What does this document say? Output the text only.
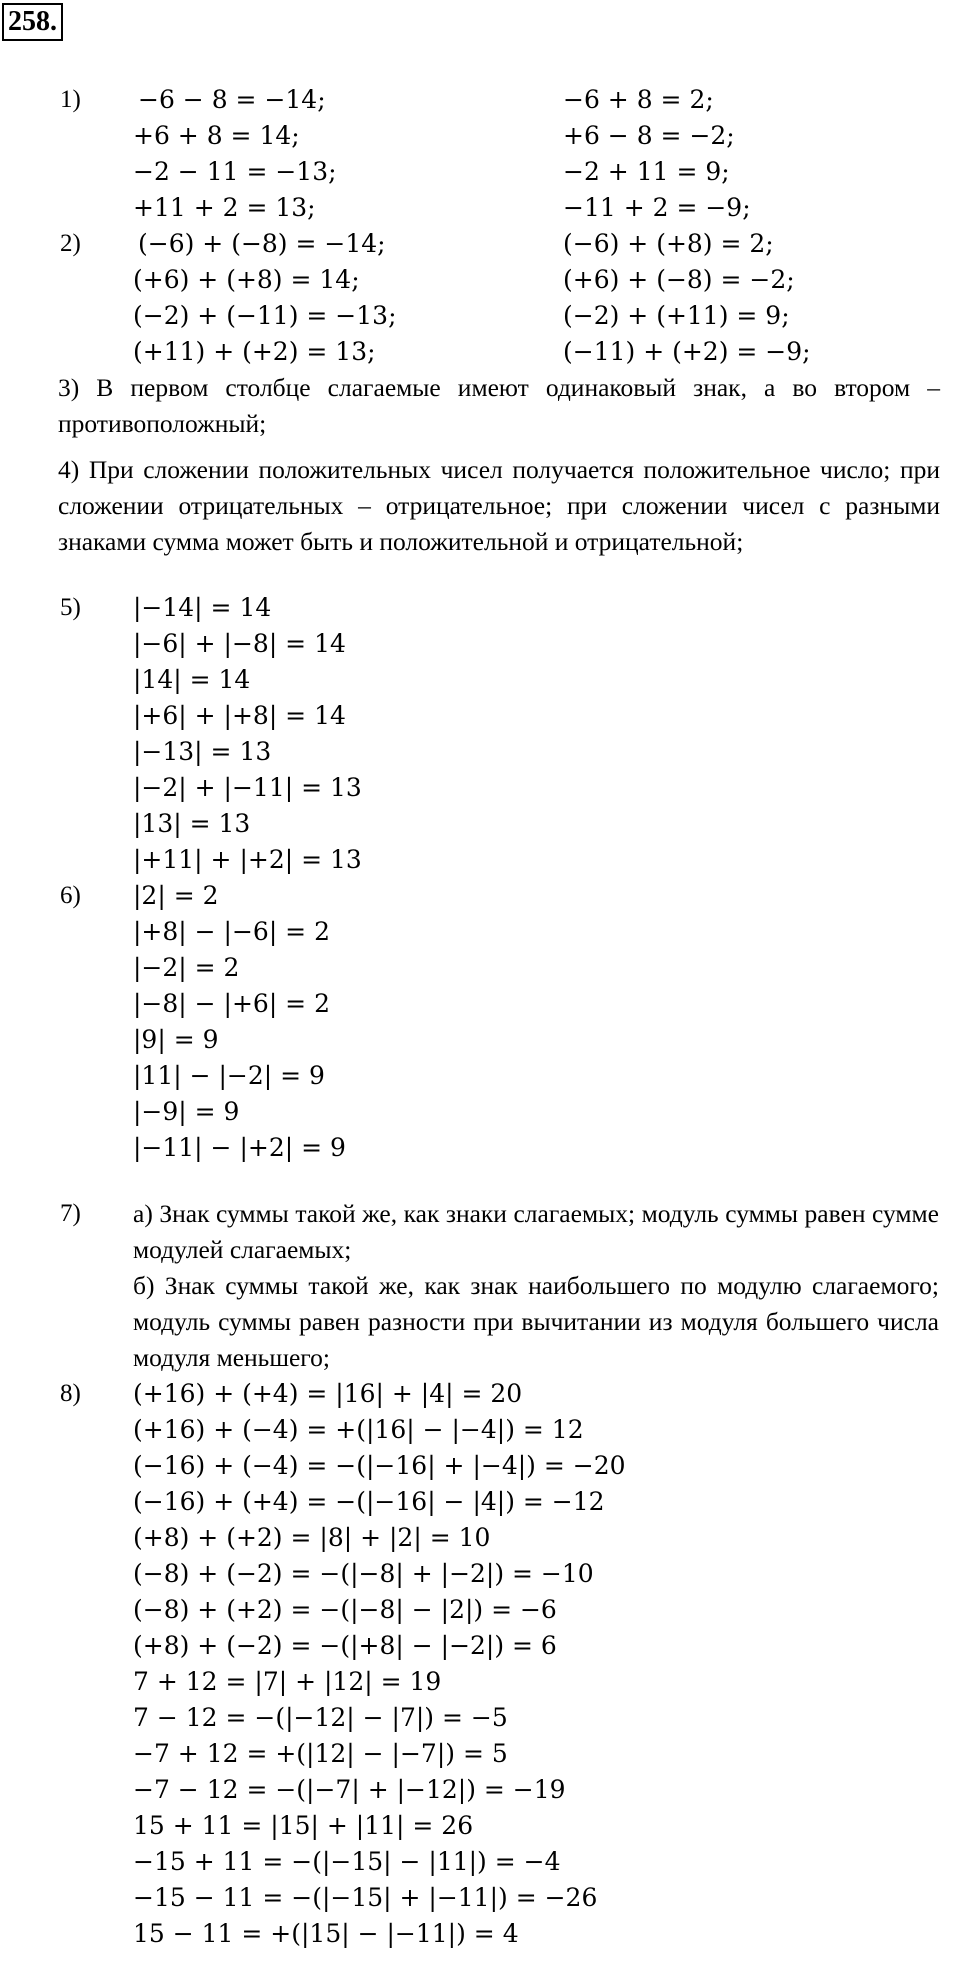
258.
1) −6 − 8 = −14;
+6 + 8 = 14;
−2 − 11 = −13;
+11 + 2 = 13;
−6 + 8 = 2;
+6 − 8 = −2;
−2 + 11 = 9;
−11 + 2 = −9;
2) (−6) + (−8) = −14;
(+6) + (+8) = 14;
(−2) + (−11) = −13;
(+11) + (+2) = 13;
(−6) + (+8) = 2;
(+6) + (−8) = −2;
(−2) + (+11) = 9;
(−11) + (+2) = −9;
3) В первом столбце слагаемые имеют одинаковый знак, а во втором – противоположный;
4) При сложении положительных чисел получается положительное число; при сложении отрицательных – отрицательное; при сложении чисел с разными знаками сумма может быть и положительной и отрицательной;
5) |−14| = 14
|−6| + |−8| = 14
|14| = 14
|+6| + |+8| = 14
|−13| = 13
|−2| + |−11| = 13
|13| = 13
|+11| + |+2| = 13
6) |2| = 2
|+8| − |−6| = 2
|−2| = 2
|−8| − |+6| = 2
|9| = 9
|11| − |−2| = 9
|−9| = 9
|−11| − |+2| = 9
7) а) Знак суммы такой же, как знаки слагаемых; модуль суммы равен сумме модулей слагаемых;
б) Знак суммы такой же, как знак наибольшего по модулю слагаемого; модуль суммы равен разности при вычитании из модуля большего числа модуля меньшего;
8) (+16) + (+4) = |16| + |4| = 20
(+16) + (−4) = +(|16| − |−4|) = 12
(−16) + (−4) = −(|−16| + |−4|) = −20
(−16) + (+4) = −(|−16| − |4|) = −12
(+8) + (+2) = |8| + |2| = 10
(−8) + (−2) = −(|−8| + |−2|) = −10
(−8) + (+2) = −(|−8| − |2|) = −6
(+8) + (−2) = −(|+8| − |−2|) = 6
7 + 12 = |7| + |12| = 19
7 − 12 = −(|−12| − |7|) = −5
−7 + 12 = +(|12| − |−7|) = 5
−7 − 12 = −(|−7| + |−12|) = −19
15 + 11 = |15| + |11| = 26
−15 + 11 = −(|−15| − |11|) = −4
−15 − 11 = −(|−15| + |−11|) = −26
15 − 11 = +(|15| − |−11|) = 4
